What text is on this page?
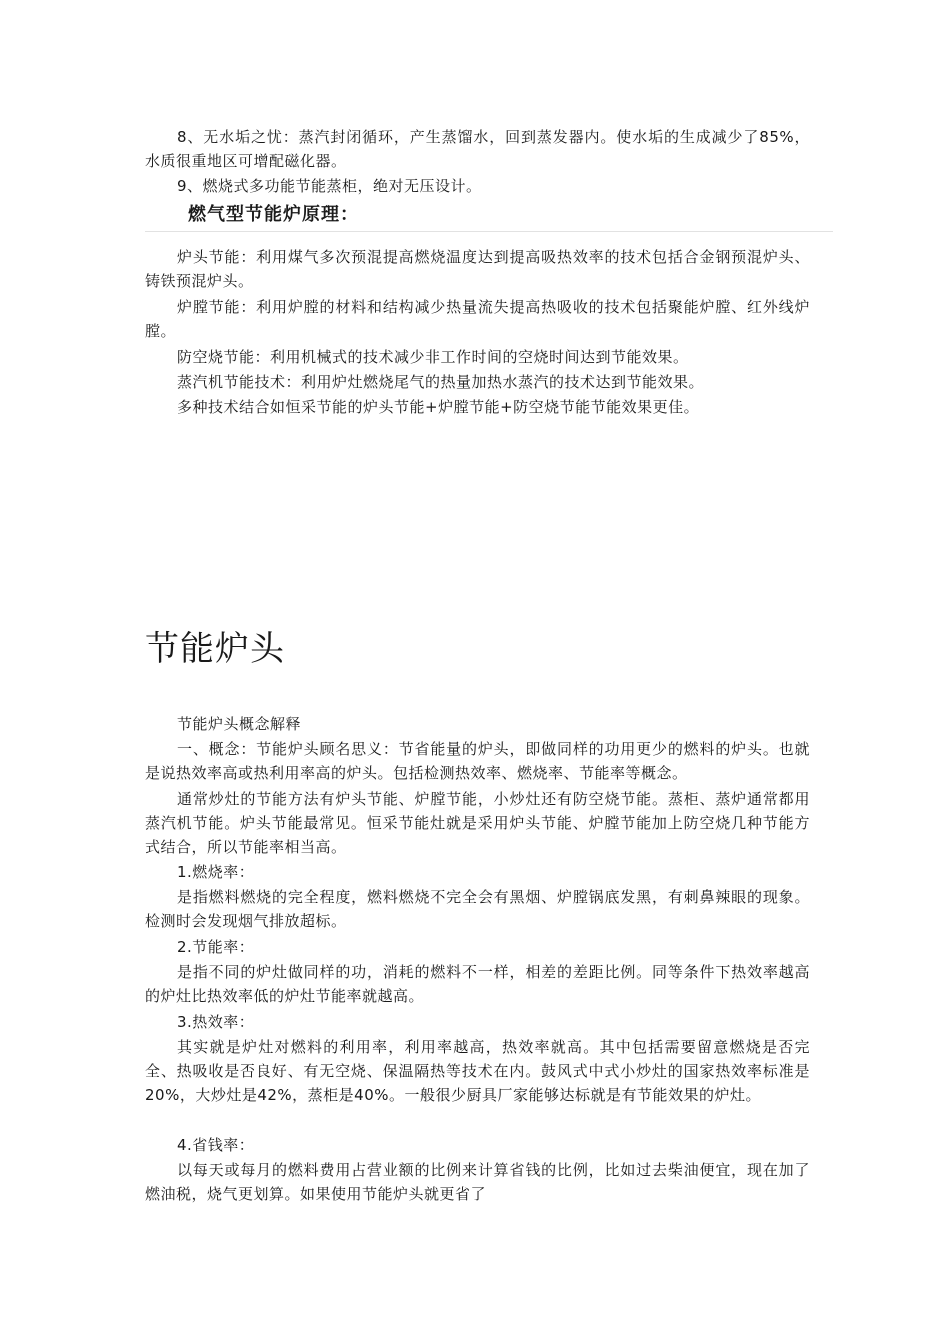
8、无水垢之忧：蒸汽封闭循环，产生蒸馏水，回到蒸发器内。使水垢的生成减少了85%，水质很重地区可增配磁化器。

9、燃烧式多功能节能蒸柜，绝对无压设计。

燃气型节能炉原理：

炉头节能：利用煤气多次预混提高燃烧温度达到提高吸热效率的技术包括合金钢预混炉头、铸铁预混炉头。

炉膛节能：利用炉膛的材料和结构减少热量流失提高热吸收的技术包括聚能炉膛、红外线炉膛。

防空烧节能：利用机械式的技术减少非工作时间的空烧时间达到节能效果。

蒸汽机节能技术：利用炉灶燃烧尾气的热量加热水蒸汽的技术达到节能效果。

多种技术结合如恒采节能的炉头节能+炉膛节能+防空烧节能节能效果更佳。

节能炉头

节能炉头概念解释

一、概念：节能炉头顾名思义：节省能量的炉头，即做同样的功用更少的燃料的炉头。也就是说热效率高或热利用率高的炉头。包括检测热效率、燃烧率、节能率等概念。

通常炒灶的节能方法有炉头节能、炉膛节能，小炒灶还有防空烧节能。蒸柜、蒸炉通常都用蒸汽机节能。炉头节能最常见。恒采节能灶就是采用炉头节能、炉膛节能加上防空烧几种节能方式结合，所以节能率相当高。

1.燃烧率：

是指燃料燃烧的完全程度，燃料燃烧不完全会有黑烟、炉膛锅底发黑，有刺鼻辣眼的现象。检测时会发现烟气排放超标。

2.节能率：

是指不同的炉灶做同样的功，消耗的燃料不一样，相差的差距比例。同等条件下热效率越高的炉灶比热效率低的炉灶节能率就越高。

3.热效率：

其实就是炉灶对燃料的利用率，利用率越高，热效率就高。其中包括需要留意燃烧是否完全、热吸收是否良好、有无空烧、保温隔热等技术在内。鼓风式中式小炒灶的国家热效率标准是20%，大炒灶是42%，蒸柜是40%。一般很少厨具厂家能够达标就是有节能效果的炉灶。

4.省钱率：

以每天或每月的燃料费用占营业额的比例来计算省钱的比例，比如过去柴油便宜，现在加了燃油税，烧气更划算。如果使用节能炉头就更省了
